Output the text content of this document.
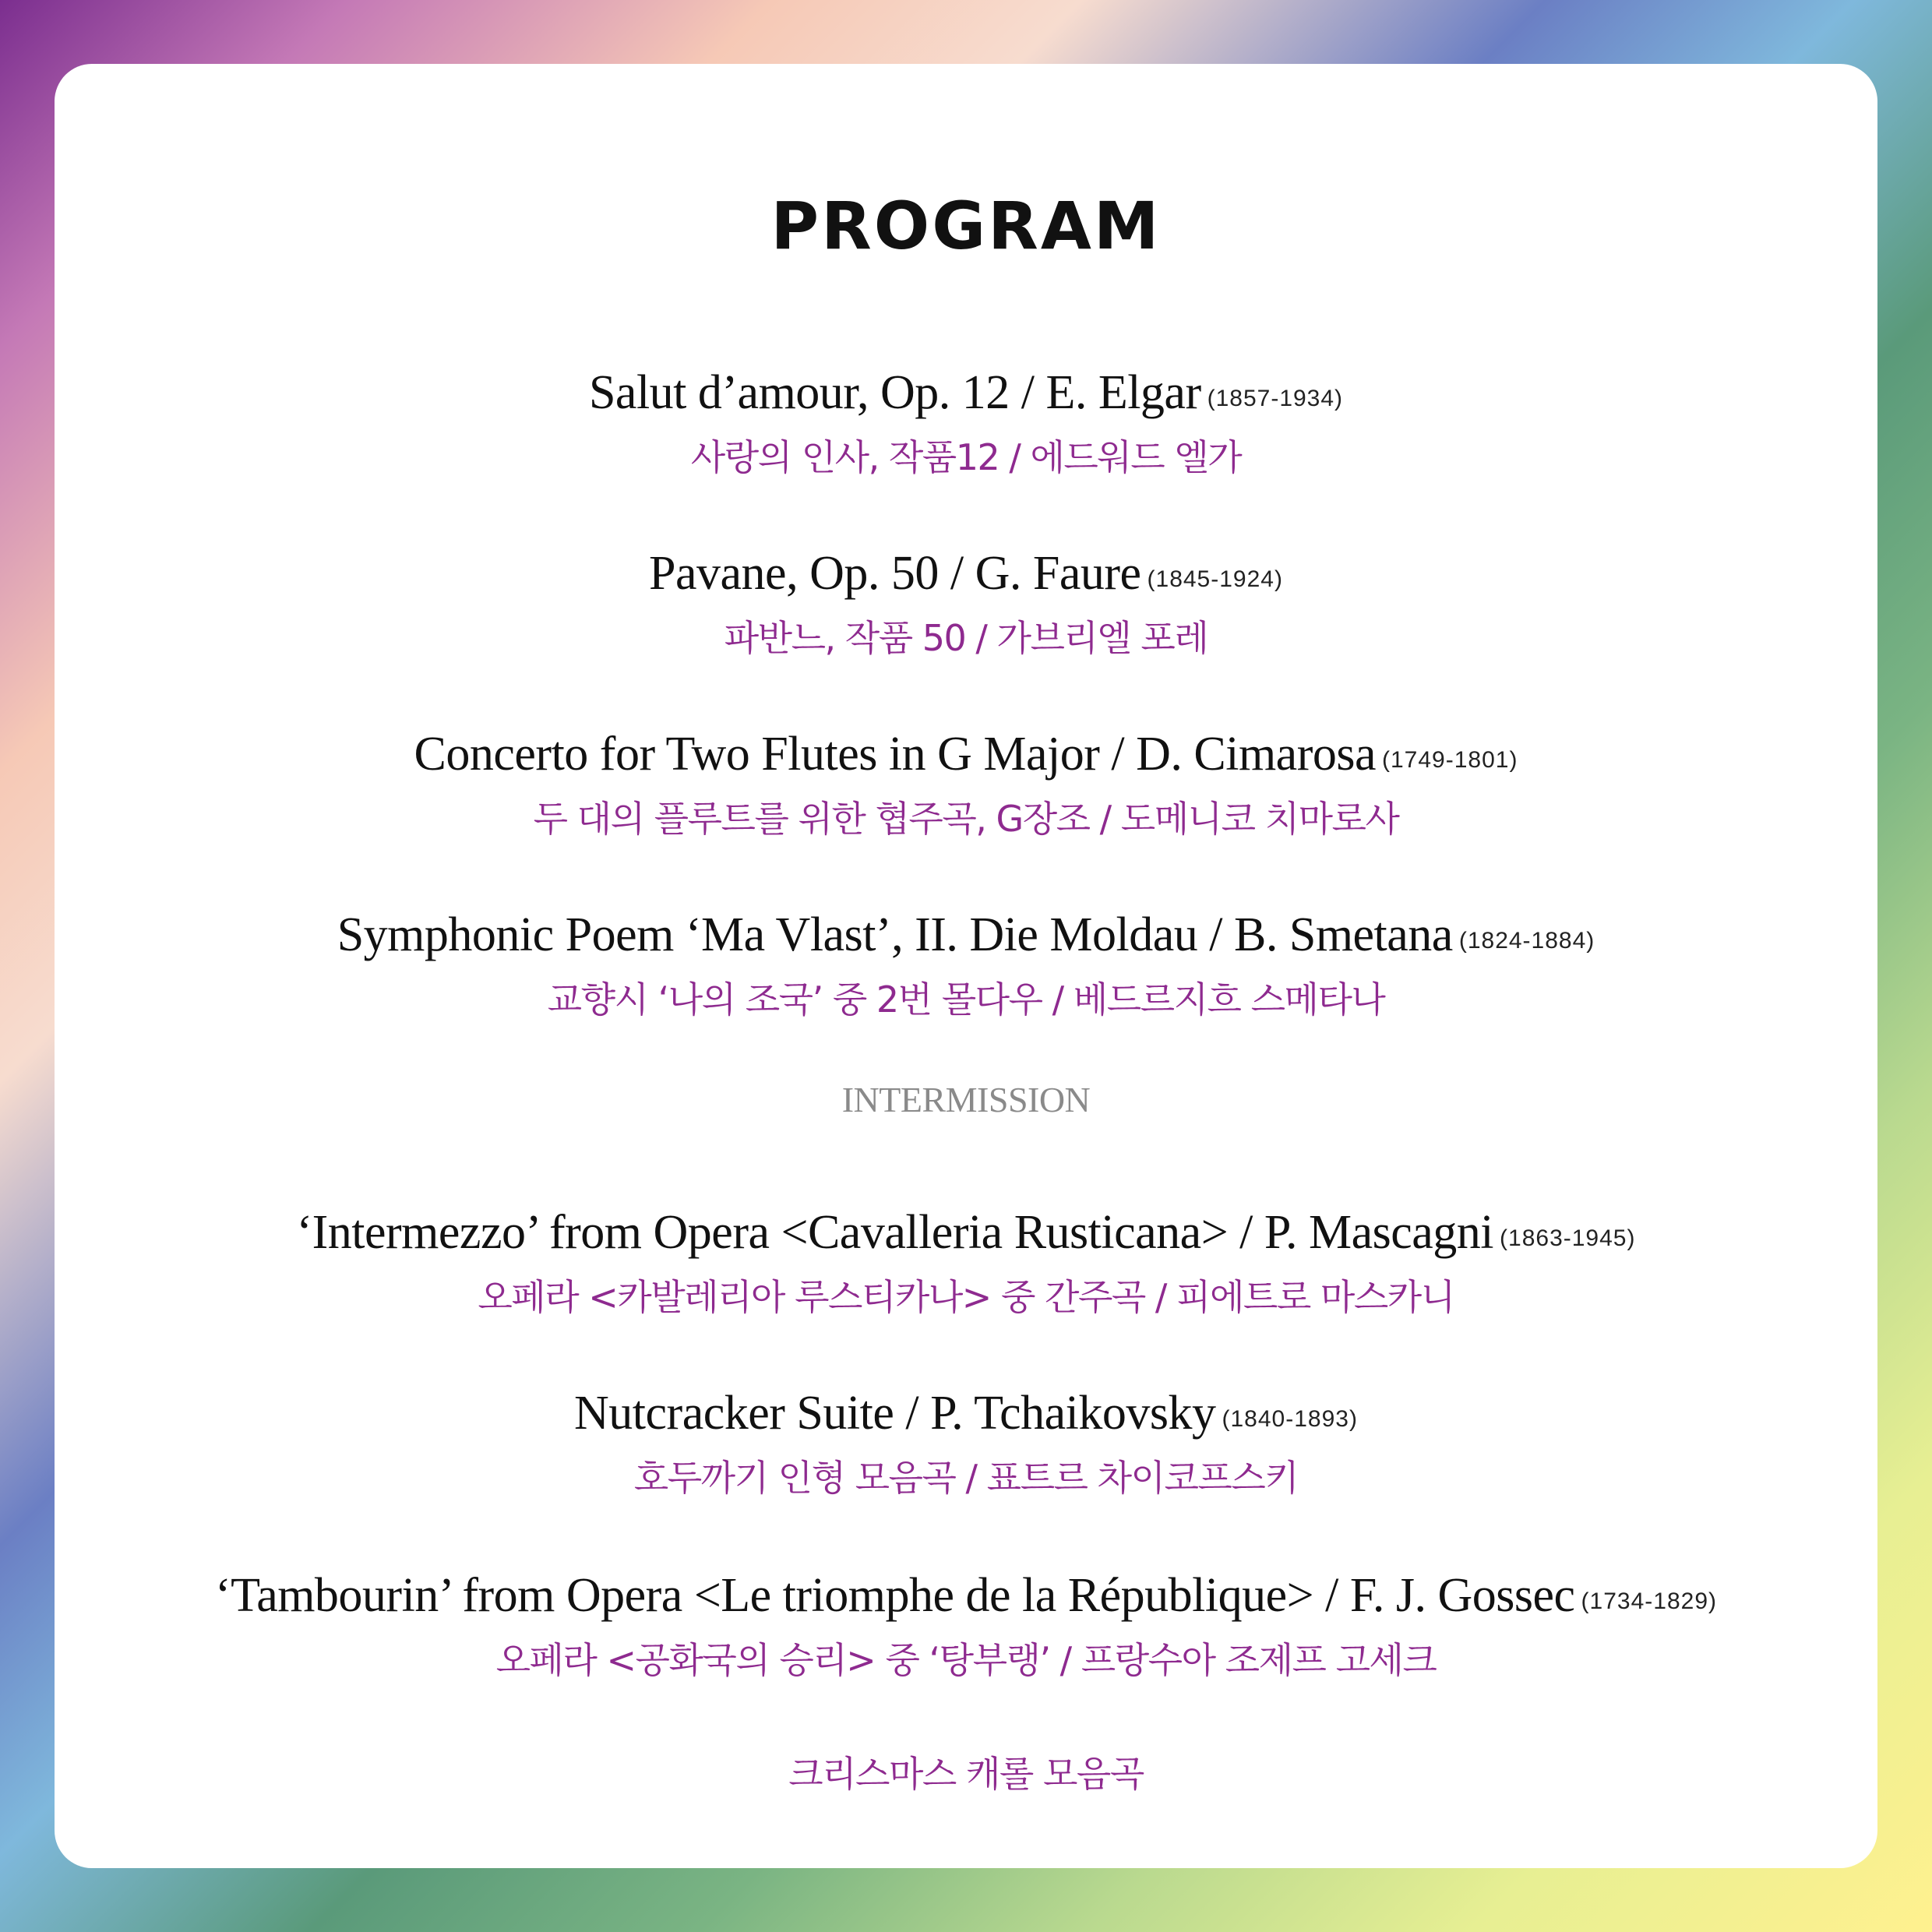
PROGRAM

Salut d’amour, Op. 12 / E. Elgar (1857-1934)

사랑의 인사, 작품12 / 에드워드 엘가

Pavane, Op. 50 / G. Faure (1845-1924)

파반느, 작품 50 / 가브리엘 포레

Concerto for Two Flutes in G Major / D. Cimarosa (1749-1801)

두 대의 플루트를 위한 협주곡, G장조 / 도메니코 치마로사

Symphonic Poem ‘Ma Vlast’, II. Die Moldau / B. Smetana (1824-1884)

교향시 ‘나의 조국’ 중 2번 몰다우 / 베드르지흐 스메타나

INTERMISSION

‘Intermezzo’ from Opera <Cavalleria Rusticana> / P. Mascagni (1863-1945)

오페라 <카발레리아 루스티카나> 중 간주곡 / 피에트로 마스카니

Nutcracker Suite / P. Tchaikovsky (1840-1893)

호두까기 인형 모음곡 / 표트르 차이코프스키

‘Tambourin’ from Opera <Le triomphe de la République> / F. J. Gossec (1734-1829)

오페라 <공화국의 승리> 중 ‘탕부랭’ / 프랑수아 조제프 고세크

크리스마스 캐롤 모음곡
